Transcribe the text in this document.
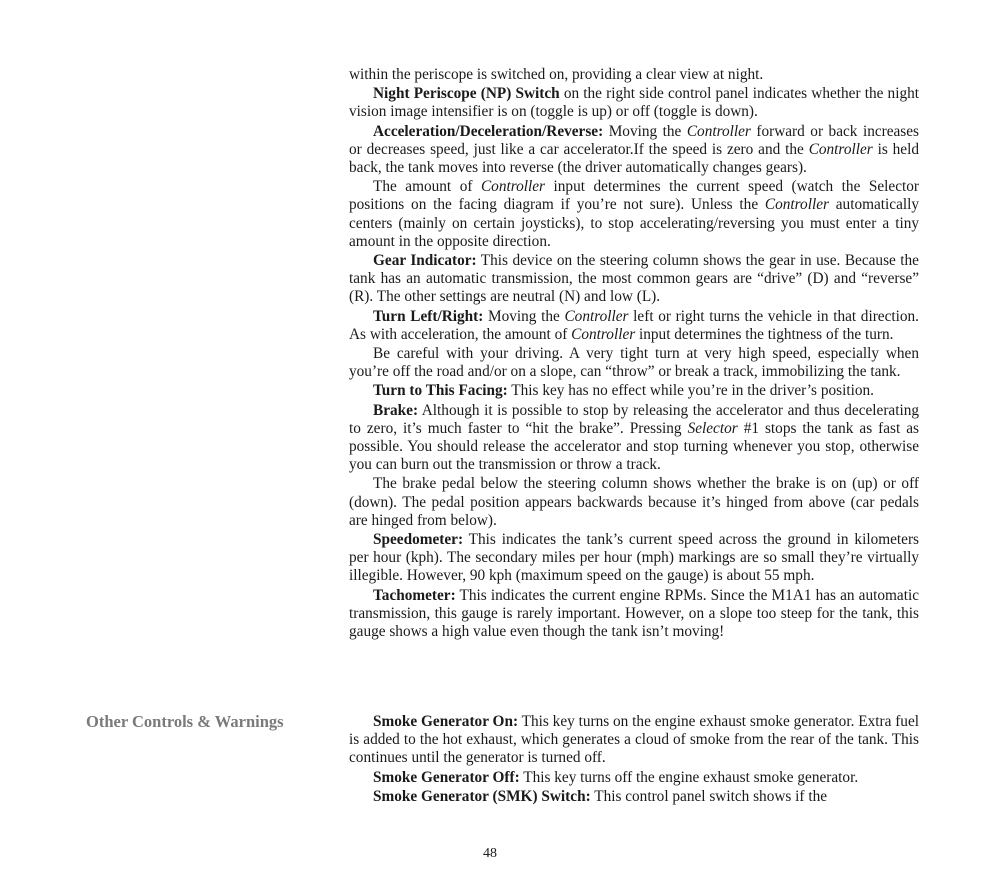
within the periscope is switched on, providing a clear view at night.

Night Periscope (NP) Switch on the right side control panel indicates whether the night vision image intensifier is on (toggle is up) or off (toggle is down).

Acceleration/Deceleration/Reverse: Moving the Controller forward or back increases or decreases speed, just like a car accelerator.If the speed is zero and the Controller is held back, the tank moves into reverse (the driver automatically changes gears).

The amount of Controller input determines the current speed (watch the Selector positions on the facing diagram if you’re not sure). Unless the Controller automatically centers (mainly on certain joysticks), to stop accelerating/reversing you must enter a tiny amount in the opposite direction.

Gear Indicator: This device on the steering column shows the gear in use. Because the tank has an automatic transmission, the most common gears are “drive” (D) and “reverse” (R). The other settings are neutral (N) and low (L).

Turn Left/Right: Moving the Controller left or right turns the vehicle in that direction. As with acceleration, the amount of Controller input determines the tightness of the turn.

Be careful with your driving. A very tight turn at very high speed, especially when you’re off the road and/or on a slope, can “throw” or break a track, immobilizing the tank.

Turn to This Facing: This key has no effect while you’re in the driver’s position.

Brake: Although it is possible to stop by releasing the accelerator and thus decelerating to zero, it’s much faster to “hit the brake”. Pressing Selector #1 stops the tank as fast as possible. You should release the accelerator and stop turning whenever you stop, otherwise you can burn out the transmission or throw a track.

The brake pedal below the steering column shows whether the brake is on (up) or off (down). The pedal position appears backwards because it’s hinged from above (car pedals are hinged from below).

Speedometer: This indicates the tank’s current speed across the ground in kilometers per hour (kph). The secondary miles per hour (mph) markings are so small they’re virtually illegible. However, 90 kph (maximum speed on the gauge) is about 55 mph.

Tachometer: This indicates the current engine RPMs. Since the M1A1 has an automatic transmission, this gauge is rarely important. However, on a slope too steep for the tank, this gauge shows a high value even though the tank isn’t moving!

Other Controls & Warnings	Smoke Generator On: This key turns on the engine exhaust smoke generator. Extra fuel is added to the hot exhaust, which generates a cloud of smoke from the rear of the tank. This continues until the generator is turned off.

Smoke Generator Off: This key turns off the engine exhaust smoke generator.

Smoke Generator (SMK) Switch: This control panel switch shows if the

48
